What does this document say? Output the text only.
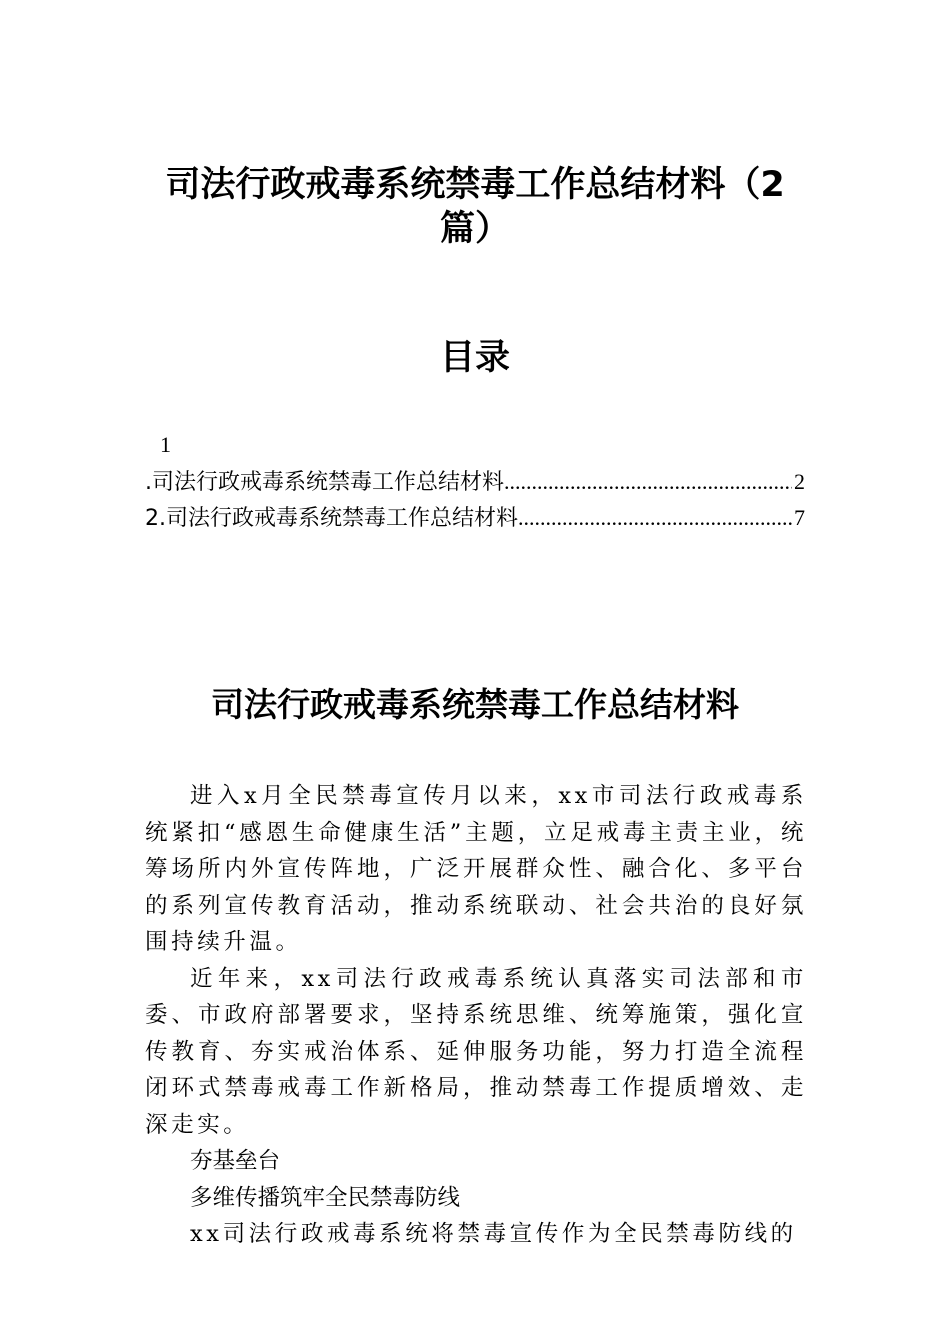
司法行政戒毒系统禁毒工作总结材料（2
篇）
目录
1
.司法行政戒毒系统禁毒工作总结材料 .....	2
2.司法行政戒毒系统禁毒工作总结材料 .....	7
司法行政戒毒系统禁毒工作总结材料

进入x月全民禁毒宣传月以来，xx市司法行政戒毒系统紧扣“感恩生命健康生活”主题，立足戒毒主责主业，统筹场所内外宣传阵地，广泛开展群众性、融合化、多平台的系列宣传教育活动，推动系统联动、社会共治的良好氛围持续升温。

近年来，xx司法行政戒毒系统认真落实司法部和市委、市政府部署要求，坚持系统思维、统筹施策，强化宣传教育、夯实戒治体系、延伸服务功能，努力打造全流程闭环式禁毒戒毒工作新格局，推动禁毒工作提质增效、走深走实。

夯基垒台

多维传播筑牢全民禁毒防线

xx司法行政戒毒系统将禁毒宣传作为全民禁毒防线的
